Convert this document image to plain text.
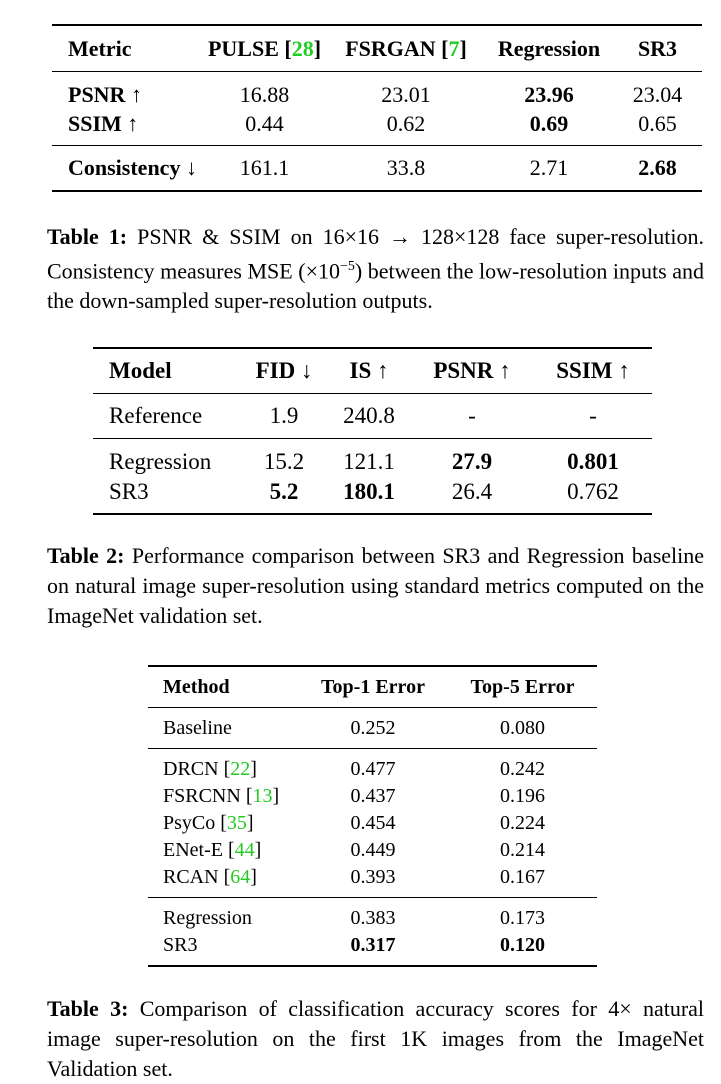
Metric	PULSE [28]	FSRGAN [7]	Regression	SR3
PSNR ↑	16.88	23.01	23.96	23.04
SSIM ↑	0.44	0.62	0.69	0.65
Consistency ↓	161.1	33.8	2.71	2.68
Table 1: PSNR & SSIM on 16×16 → 128×128 face super-resolution. Consistency measures MSE $(\times 10^{-5})$ between the low-resolution inputs and the down-sampled super-resolution outputs.
Model	FID ↓	IS ↑	PSNR ↑	SSIM ↑
Reference	1.9	240.8	-	-
Regression	15.2	121.1	27.9	0.801
SR3	5.2	180.1	26.4	0.762
Table 2: Performance comparison between SR3 and Regression baseline on natural image super-resolution using standard metrics computed on the ImageNet validation set.
Method	Top-1 Error	Top-5 Error
Baseline	0.252	0.080
DRCN [22]	0.477	0.242
FSRCNN [13]	0.437	0.196
PsyCo [35]	0.454	0.224
ENet-E [44]	0.449	0.214
RCAN [64]	0.393	0.167
Regression	0.383	0.173
SR3	0.317	0.120
Table 3: Comparison of classification accuracy scores for 4× natural image super-resolution on the first 1K images from the ImageNet Validation set.
